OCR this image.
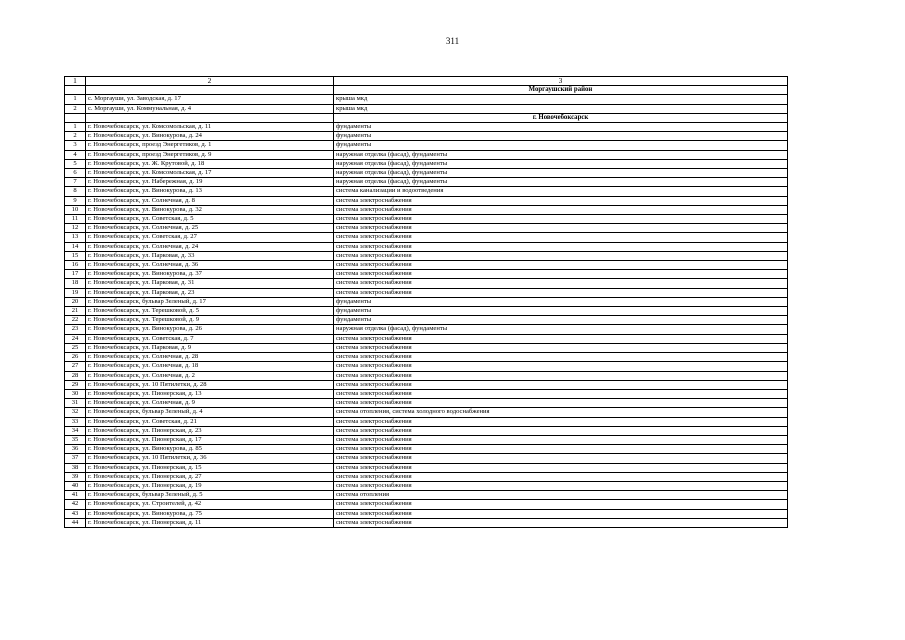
311
1	2	3
		Моргаушский район
1	с. Моргауши, ул. Заводская, д. 17	крыша мкд
2	с. Моргауши, ул. Коммунальная, д. 4	крыша мкд
		г. Новочебоксарск
1	г. Новочебоксарск, ул. Комсомольская, д. 11	фундаменты
2	г. Новочебоксарск, ул. Винокурова, д. 24	фундаменты
3	г. Новочебоксарск, проезд Энергетиков, д. 1	фундаменты
4	г. Новочебоксарск, проезд Энергетиков, д. 9	наружная отделка (фасад), фундаменты
5	г. Новочебоксарск, ул. Ж. Крутовой, д. 18	наружная отделка (фасад), фундаменты
6	г. Новочебоксарск, ул. Комсомольская, д. 17	наружная отделка (фасад), фундаменты
7	г. Новочебоксарск, ул. Набережная, д. 19	наружная отделка (фасад), фундаменты
8	г. Новочебоксарск, ул. Винокурова, д. 13	система канализации и водоотведения
9	г. Новочебоксарск, ул. Солнечная, д. 8	система электроснабжения
10	г. Новочебоксарск, ул. Винокурова, д. 32	система электроснабжения
11	г. Новочебоксарск, ул. Советская, д. 5	система электроснабжения
12	г. Новочебоксарск, ул. Солнечная, д. 25	система электроснабжения
13	г. Новочебоксарск, ул. Советская, д. 27	система электроснабжения
14	г. Новочебоксарск, ул. Солнечная, д. 24	система электроснабжения
15	г. Новочебоксарск, ул. Парковая, д. 33	система электроснабжения
16	г. Новочебоксарск, ул. Солнечная, д. 36	система электроснабжения
17	г. Новочебоксарск, ул. Винокурова, д. 37	система электроснабжения
18	г. Новочебоксарск, ул. Парковая, д. 31	система электроснабжения
19	г. Новочебоксарск, ул. Парковая, д. 23	система электроснабжения
20	г. Новочебоксарск, бульвар Зеленый, д. 17	фундаменты
21	г. Новочебоксарск, ул. Терешковой, д. 5	фундаменты
22	г. Новочебоксарск, ул. Терешковой, д. 9	фундаменты
23	г. Новочебоксарск, ул. Винокурова, д. 26	наружная отделка (фасад), фундаменты
24	г. Новочебоксарск, ул. Советская, д. 7	система электроснабжения
25	г. Новочебоксарск, ул. Парковая, д. 9	система электроснабжения
26	г. Новочебоксарск, ул. Солнечная, д. 28	система электроснабжения
27	г. Новочебоксарск, ул. Солнечная, д. 18	система электроснабжения
28	г. Новочебоксарск, ул. Солнечная, д. 2	система электроснабжения
29	г. Новочебоксарск, ул. 10 Пятилетки, д. 28	система электроснабжения
30	г. Новочебоксарск, ул. Пионерская, д. 13	система электроснабжения
31	г. Новочебоксарск, ул. Солнечная, д. 9	система электроснабжения
32	г. Новочебоксарск, бульвар Зеленый, д. 4	система отопления, система холодного водоснабжения
33	г. Новочебоксарск, ул. Советская, д. 21	система электроснабжения
34	г. Новочебоксарск, ул. Пионерская, д. 23	система электроснабжения
35	г. Новочебоксарск, ул. Пионерская, д. 17	система электроснабжения
36	г. Новочебоксарск, ул. Винокурова, д. 85	система электроснабжения
37	г. Новочебоксарск, ул. 10 Пятилетки, д. 36	система электроснабжения
38	г. Новочебоксарск, ул. Пионерская, д. 15	система электроснабжения
39	г. Новочебоксарск, ул. Пионерская, д. 27	система электроснабжения
40	г. Новочебоксарск, ул. Пионерская, д. 19	система электроснабжения
41	г. Новочебоксарск, бульвар Зеленый, д. 5	система отопления
42	г. Новочебоксарск, ул. Строителей, д. 42	система электроснабжения
43	г. Новочебоксарск, ул. Винокурова, д. 75	система электроснабжения
44	г. Новочебоксарск, ул. Пионерская, д. 11	система электроснабжения
